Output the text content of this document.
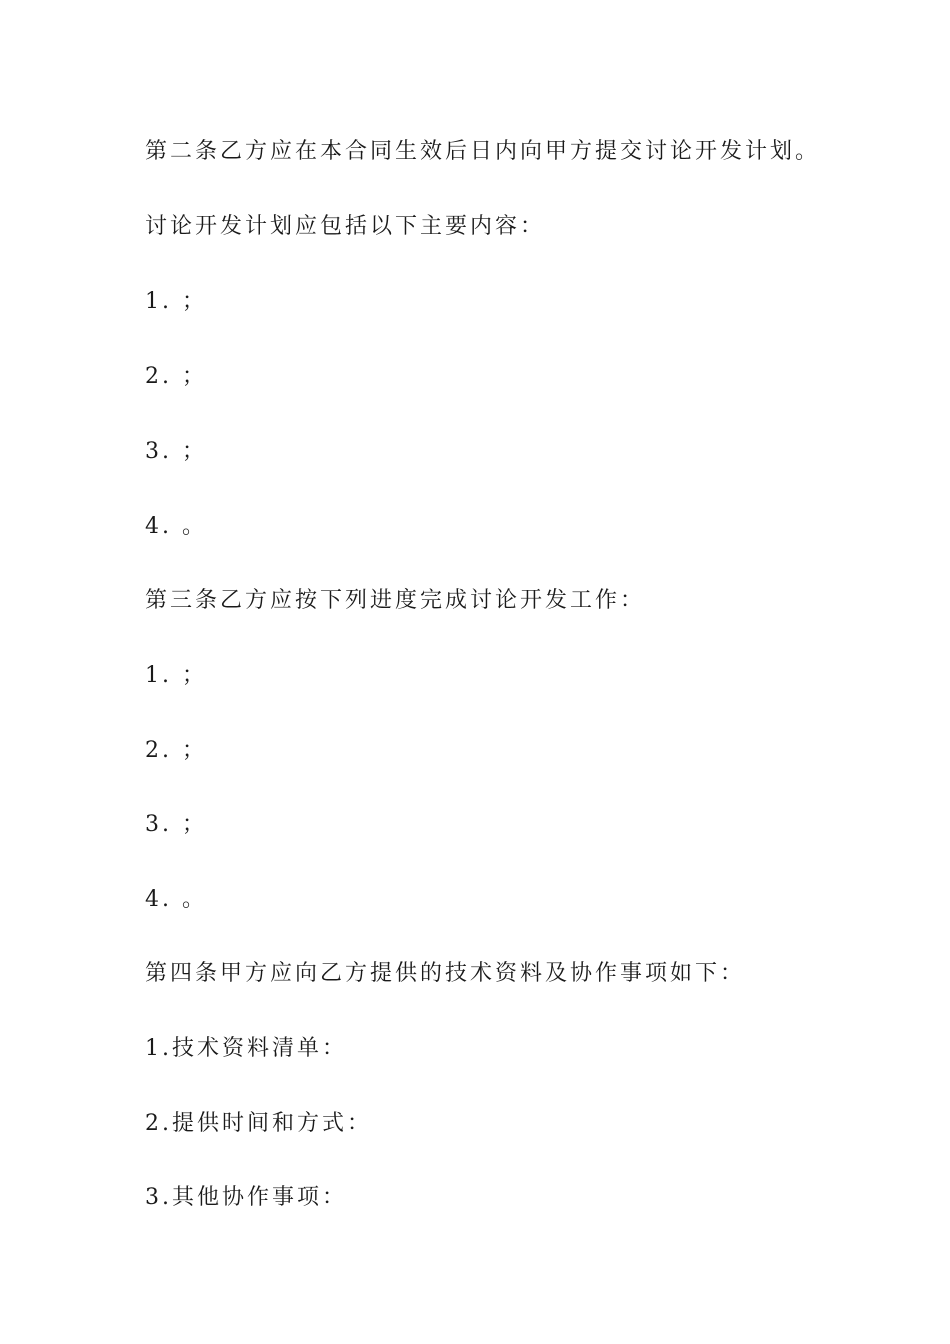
第二条乙方应在本合同生效后日内向甲方提交讨论开发计划。
讨论开发计划应包括以下主要内容：
1. ；
2. ；
3. ；
4. 。
第三条乙方应按下列进度完成讨论开发工作：
1. ；
2. ；
3. ；
4. 。
第四条甲方应向乙方提供的技术资料及协作事项如下：
1.技术资料清单：
2.提供时间和方式：
3.其他协作事项：
